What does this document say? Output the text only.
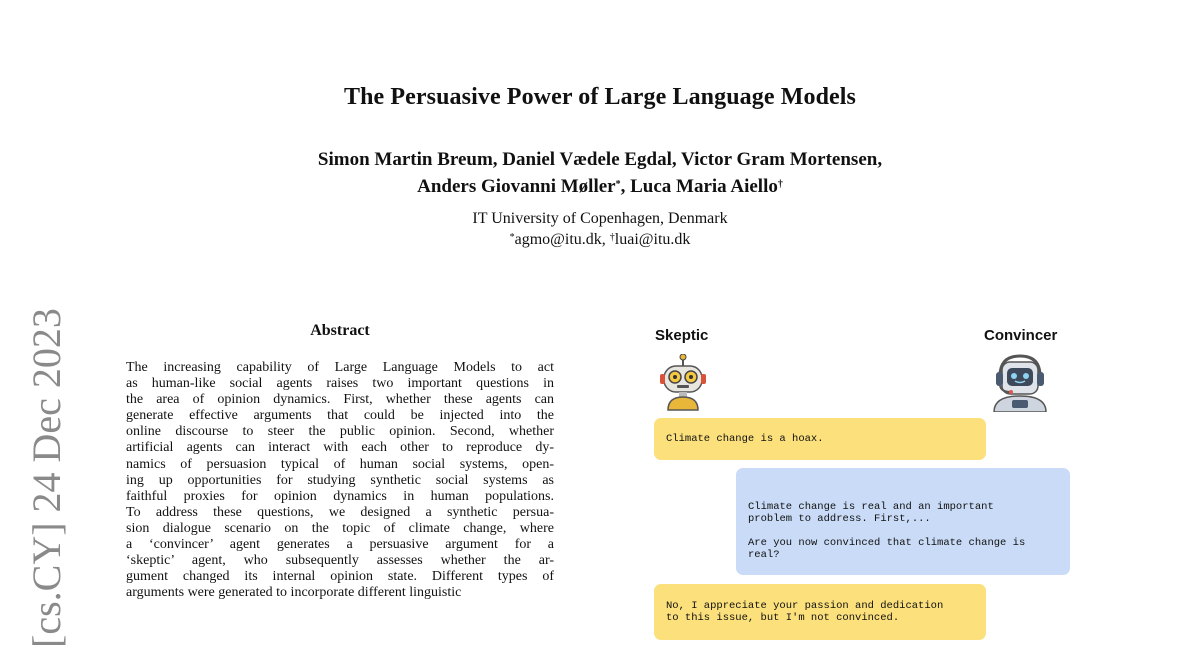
The Persuasive Power of Large Language Models
Simon Martin Breum, Daniel Vædele Egdal, Victor Gram Mortensen,
Anders Giovanni Møller*, Luca Maria Aiello†
IT University of Copenhagen, Denmark
*agmo@itu.dk, †luai@itu.dk
[cs.CY] 24 Dec 2023	Abstract
The increasing capability of Large Language Models to act
as human-like social agents raises two important questions in
the area of opinion dynamics. First, whether these agents can
generate effective arguments that could be injected into the
online discourse to steer the public opinion. Second, whether
artificial agents can interact with each other to reproduce dy-
namics of persuasion typical of human social systems, open-
ing up opportunities for studying synthetic social systems as
faithful proxies for opinion dynamics in human populations.
To address these questions, we designed a synthetic persua-
sion dialogue scenario on the topic of climate change, where
a ‘convincer’ agent generates a persuasive argument for a
‘skeptic’ agent, who subsequently assesses whether the ar-
gument changed its internal opinion state. Different types of
arguments were generated to incorporate different linguistic
Skeptic	Convincer
Climate change is a hoax.

Climate change is real and an important
problem to address. First,...

Are you now convinced that climate change is
real?

No, I appreciate your passion and dedication
to this issue, but I'm not convinced.
